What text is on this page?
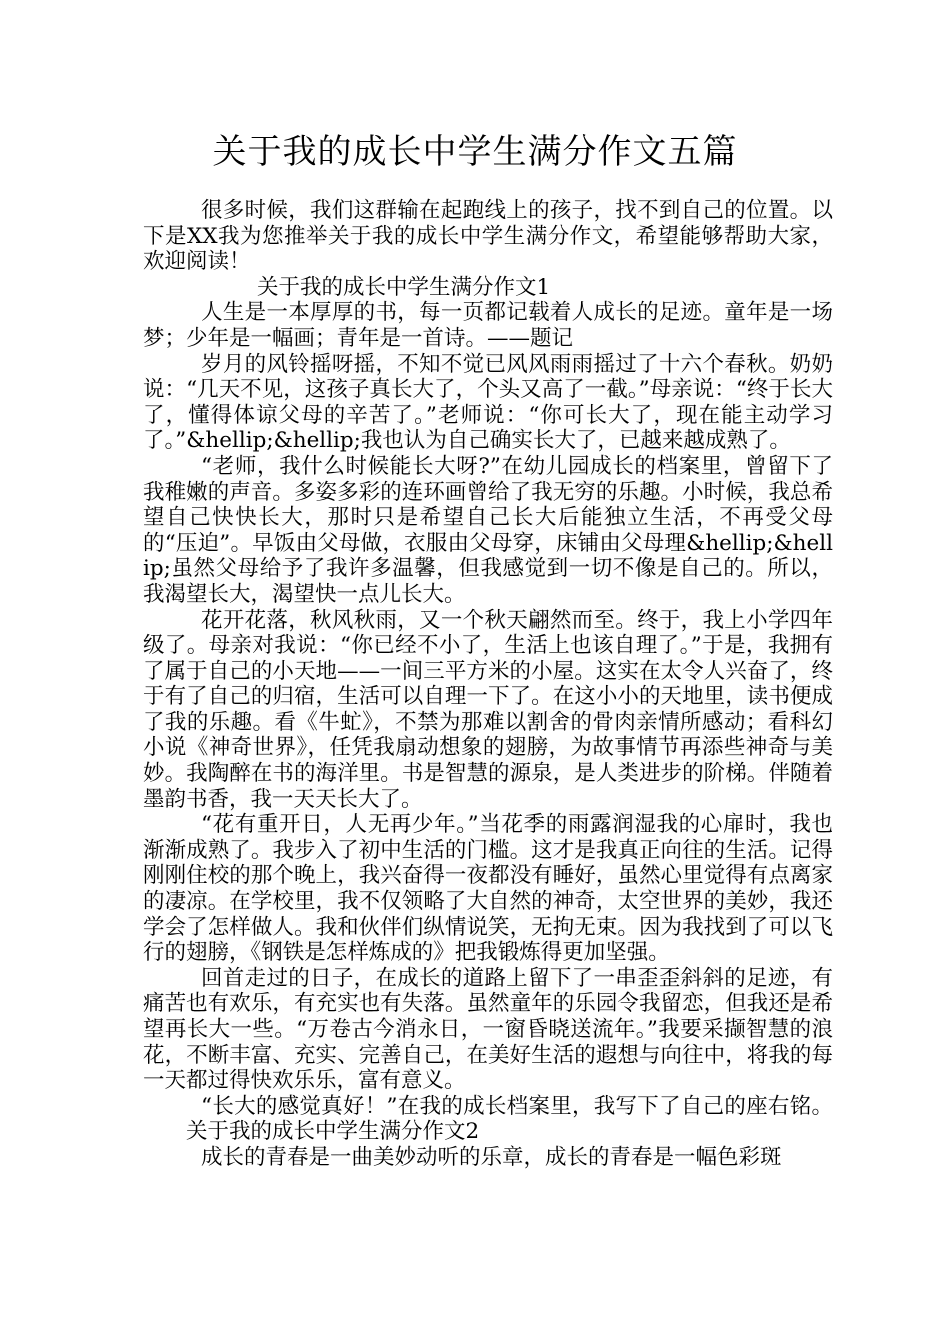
关于我的成长中学生满分作文五篇

很多时候，我们这群输在起跑线上的孩子，找不到自己的位置。以下是XX我为您推举关于我的成长中学生满分作文，希望能够帮助大家，欢迎阅读！

关于我的成长中学生满分作文1

人生是一本厚厚的书，每一页都记载着人成长的足迹。童年是一场梦；少年是一幅画；青年是一首诗。——题记

岁月的风铃摇呀摇，不知不觉已风风雨雨摇过了十六个春秋。奶奶说：“几天不见，这孩子真长大了，个头又高了一截。”母亲说：“终于长大了，懂得体谅父母的辛苦了。”老师说：“你可长大了，现在能主动学习了。”&hellip;&hellip;我也认为自己确实长大了，已越来越成熟了。

“老师，我什么时候能长大呀?”在幼儿园成长的档案里，曾留下了我稚嫩的声音。多姿多彩的连环画曾给了我无穷的乐趣。小时候，我总希望自己快快长大，那时只是希望自己长大后能独立生活，不再受父母的“压迫”。早饭由父母做，衣服由父母穿，床铺由父母理&hellip;&hellip;虽然父母给予了我许多温馨，但我感觉到一切不像是自己的。所以，我渴望长大，渴望快一点儿长大。

花开花落，秋风秋雨，又一个秋天翩然而至。终于，我上小学四年级了。母亲对我说：“你已经不小了，生活上也该自理了。”于是，我拥有了属于自己的小天地——一间三平方米的小屋。这实在太令人兴奋了，终于有了自己的归宿，生活可以自理一下了。在这小小的天地里，读书便成了我的乐趣。看《牛虻》，不禁为那难以割舍的骨肉亲情所感动；看科幻小说《神奇世界》，任凭我扇动想象的翅膀，为故事情节再添些神奇与美妙。我陶醉在书的海洋里。书是智慧的源泉，是人类进步的阶梯。伴随着墨韵书香，我一天天长大了。

“花有重开日，人无再少年。”当花季的雨露润湿我的心扉时，我也渐渐成熟了。我步入了初中生活的门槛。这才是我真正向往的生活。记得刚刚住校的那个晚上，我兴奋得一夜都没有睡好，虽然心里觉得有点离家的凄凉。在学校里，我不仅领略了大自然的神奇，太空世界的美妙，我还学会了怎样做人。我和伙伴们纵情说笑，无拘无束。因为我找到了可以飞行的翅膀，《钢铁是怎样炼成的》把我锻炼得更加坚强。

回首走过的日子，在成长的道路上留下了一串歪歪斜斜的足迹，有痛苦也有欢乐，有充实也有失落。虽然童年的乐园令我留恋，但我还是希望再长大一些。“万卷古今消永日，一窗昏晓送流年。”我要采撷智慧的浪花，不断丰富、充实、完善自己，在美好生活的遐想与向往中，将我的每一天都过得快欢乐乐，富有意义。

“长大的感觉真好！”在我的成长档案里，我写下了自己的座右铭。关于我的成长中学生满分作文2

成长的青春是一曲美妙动听的乐章，成长的青春是一幅色彩斑
